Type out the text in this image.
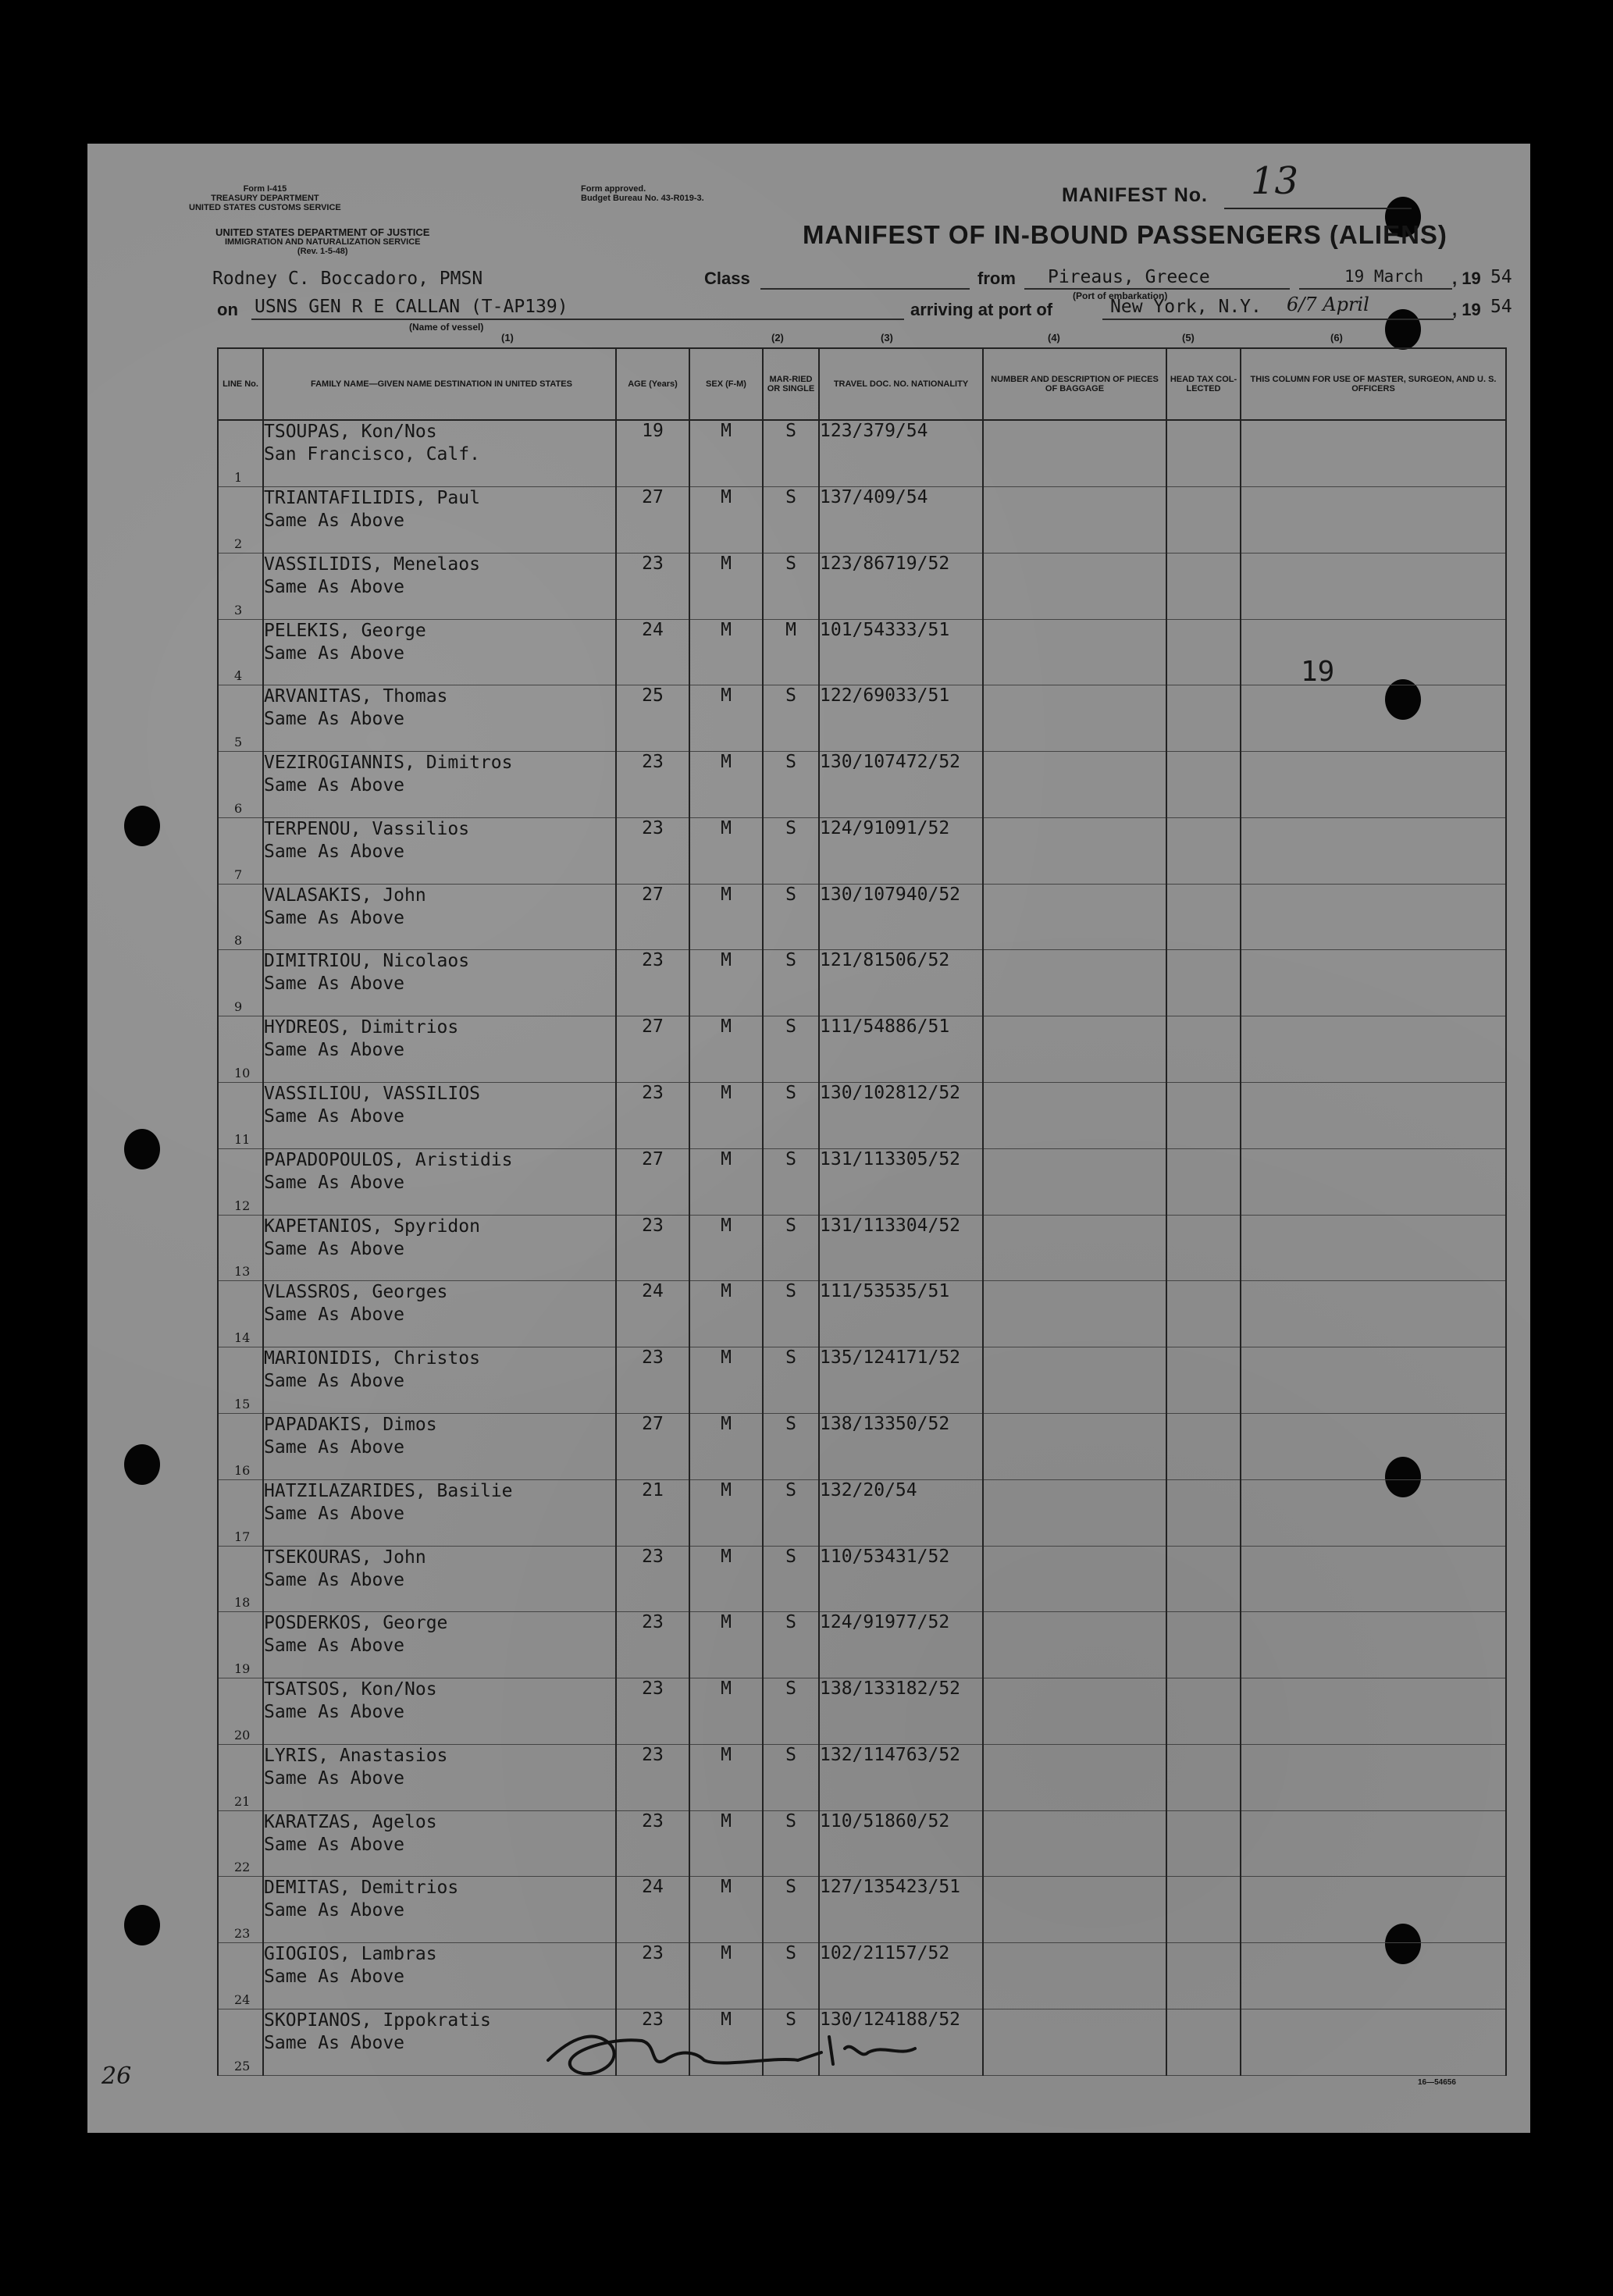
Form I-415
TREASURY DEPARTMENT
UNITED STATES CUSTOMS SERVICE
Form approved.
Budget Bureau No. 43-R019-3.	MANIFEST No. 13
UNITED STATES DEPARTMENT OF JUSTICE
IMMIGRATION AND NATURALIZATION SERVICE
(Rev. 1-5-48)
MANIFEST OF IN-BOUND PASSENGERS (ALIENS)
Rodney C. Boccadoro, PMSN	Class	from Pireaus, Greece
(Port of embarkation)
19 March , 19 54
on USNS GEN R E CALLAN (T-AP139)
(Name of vessel)
arriving at port of	New York, N.Y. 6/7 April	, 19 54
(1)	(2)	(3)	(4)	(5)	(6)
LINE No.	FAMILY NAME—GIVEN NAME DESTINATION IN UNITED STATES	AGE (Years)	SEX (F-M)	MAR-RIED OR SINGLE	TRAVEL DOC. NO. NATIONALITY	NUMBER AND DESCRIPTION OF PIECES OF BAGGAGE	HEAD TAX COL-LECTED	THIS COLUMN FOR USE OF MASTER, SURGEON, AND U. S. OFFICERS

1	TSOUPAS, Kon/Nos
San Francisco, Calf.	19	M	S	123/379/54			

2	TRIANTAFILIDIS, Paul
Same As Above	27	M	S	137/409/54			

3	VASSILIDIS, Menelaos
Same As Above	23	M	S	123/86719/52			

4	PELEKIS, George
Same As Above	24	M	M	101/54333/51			

5	ARVANITAS, Thomas
Same As Above	25	M	S	122/69033/51			

6	VEZIROGIANNIS, Dimitros
Same As Above	23	M	S	130/107472/52			

7	TERPENOU, Vassilios
Same As Above	23	M	S	124/91091/52			

8	VALASAKIS, John
Same As Above	27	M	S	130/107940/52			

9	DIMITRIOU, Nicolaos
Same As Above	23	M	S	121/81506/52			

10	HYDREOS, Dimitrios
Same As Above	27	M	S	111/54886/51			

11	VASSILIOU, VASSILIOS
Same As Above	23	M	S	130/102812/52			

12	PAPADOPOULOS, Aristidis
Same As Above	27	M	S	131/113305/52			

13	KAPETANIOS, Spyridon
Same As Above	23	M	S	131/113304/52			

14	VLASSROS, Georges
Same As Above	24	M	S	111/53535/51			

15	MARIONIDIS, Christos
Same As Above	23	M	S	135/124171/52			

16	PAPADAKIS, Dimos
Same As Above	27	M	S	138/13350/52			

17	HATZILAZARIDES, Basilie
Same As Above	21	M	S	132/20/54			

18	TSEKOURAS, John
Same As Above	23	M	S	110/53431/52			

19	POSDERKOS, George
Same As Above	23	M	S	124/91977/52			

20	TSATSOS, Kon/Nos
Same As Above	23	M	S	138/133182/52			

21	LYRIS, Anastasios
Same As Above	23	M	S	132/114763/52			

22	KARATZAS, Agelos
Same As Above	23	M	S	110/51860/52			

23	DEMITAS, Demitrios
Same As Above	24	M	S	127/135423/51			

24	GIOGIOS, Lambras
Same As Above	23	M	S	102/21157/52			

25	SKOPIANOS, Ippokratis
Same As Above	23	M	S	130/124188/52			
19
16—54656
26
